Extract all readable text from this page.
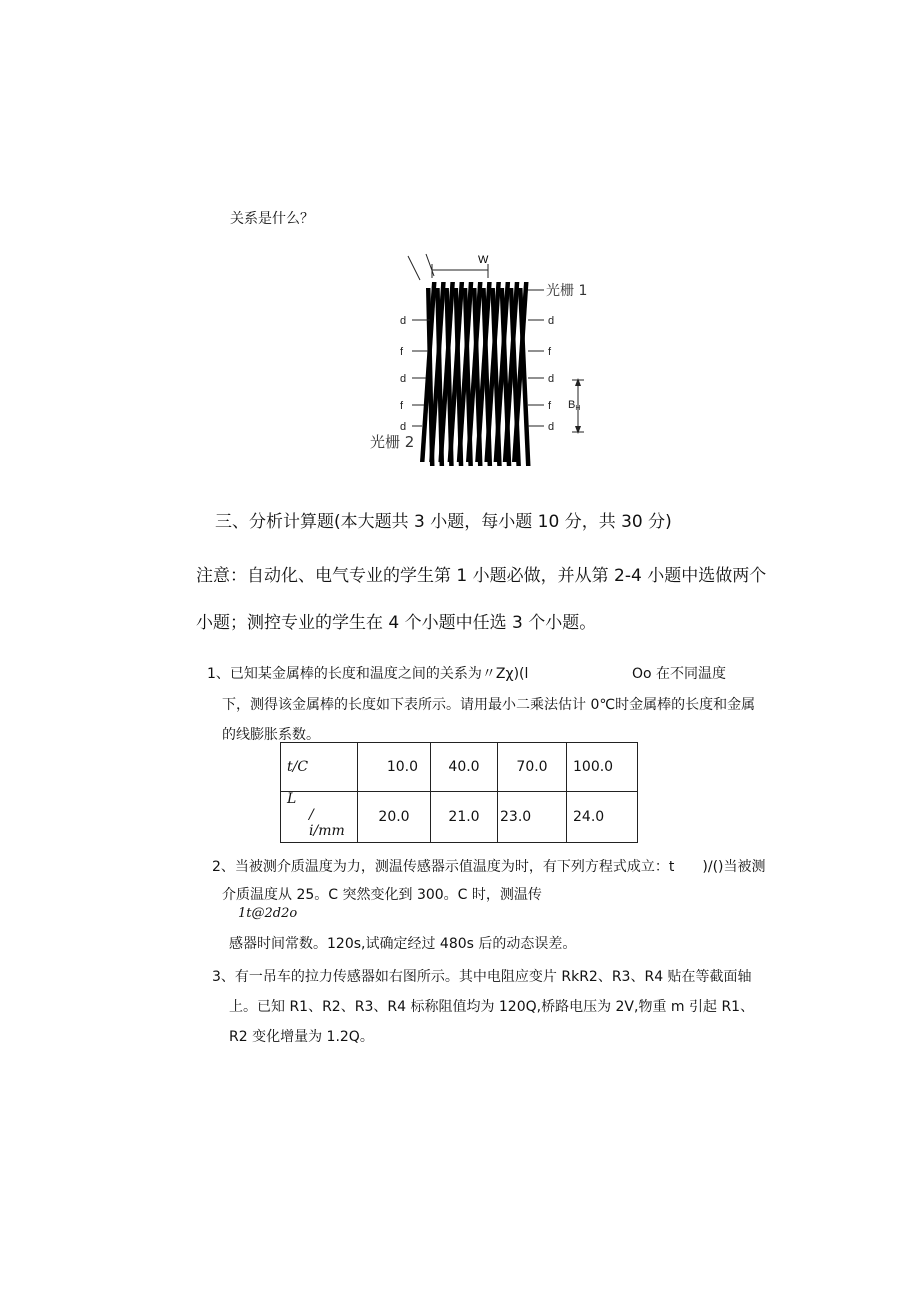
关系是什么？
W
光栅 1
光栅 2
d
f
d
f
d
d
f
d
f
d
BH
三、分析计算题(本大题共 3 小题，每小题 10 分，共 30 分)
注意：自动化、电气专业的学生第 1 小题必做，并从第 2-4 小题中选做两个
小题；测控专业的学生在 4 个小题中任选 3 个小题。
1、已知某金属棒的长度和温度之间的关系为〃Zχ)(l	Oo 在不同温度
下，测得该金属棒的长度如下表所示。请用最小二乘法估计 0℃时金属棒的长度和金属
的线膨胀系数。
t/C	10.0	40.0	70.0	100.0

L
/ i/mm	20.0	21.0	23.0	24.0
2、当被测介质温度为力，测温传感器示值温度为时，有下列方程式成立：t　　)/()当被测
介质温度从 25。C 突然变化到 300。C 时，测温传
1t@2d2o
感器时间常数。120s,试确定经过 480s 后的动态误差。
3、有一吊车的拉力传感器如右图所示。其中电阻应变片 RkR2、R3、R4 贴在等截面轴
上。已知 R1、R2、R3、R4 标称阻值均为 120Q,桥路电压为 2V,物重 m 引起 R1、
R2 变化增量为 1.2Q。
